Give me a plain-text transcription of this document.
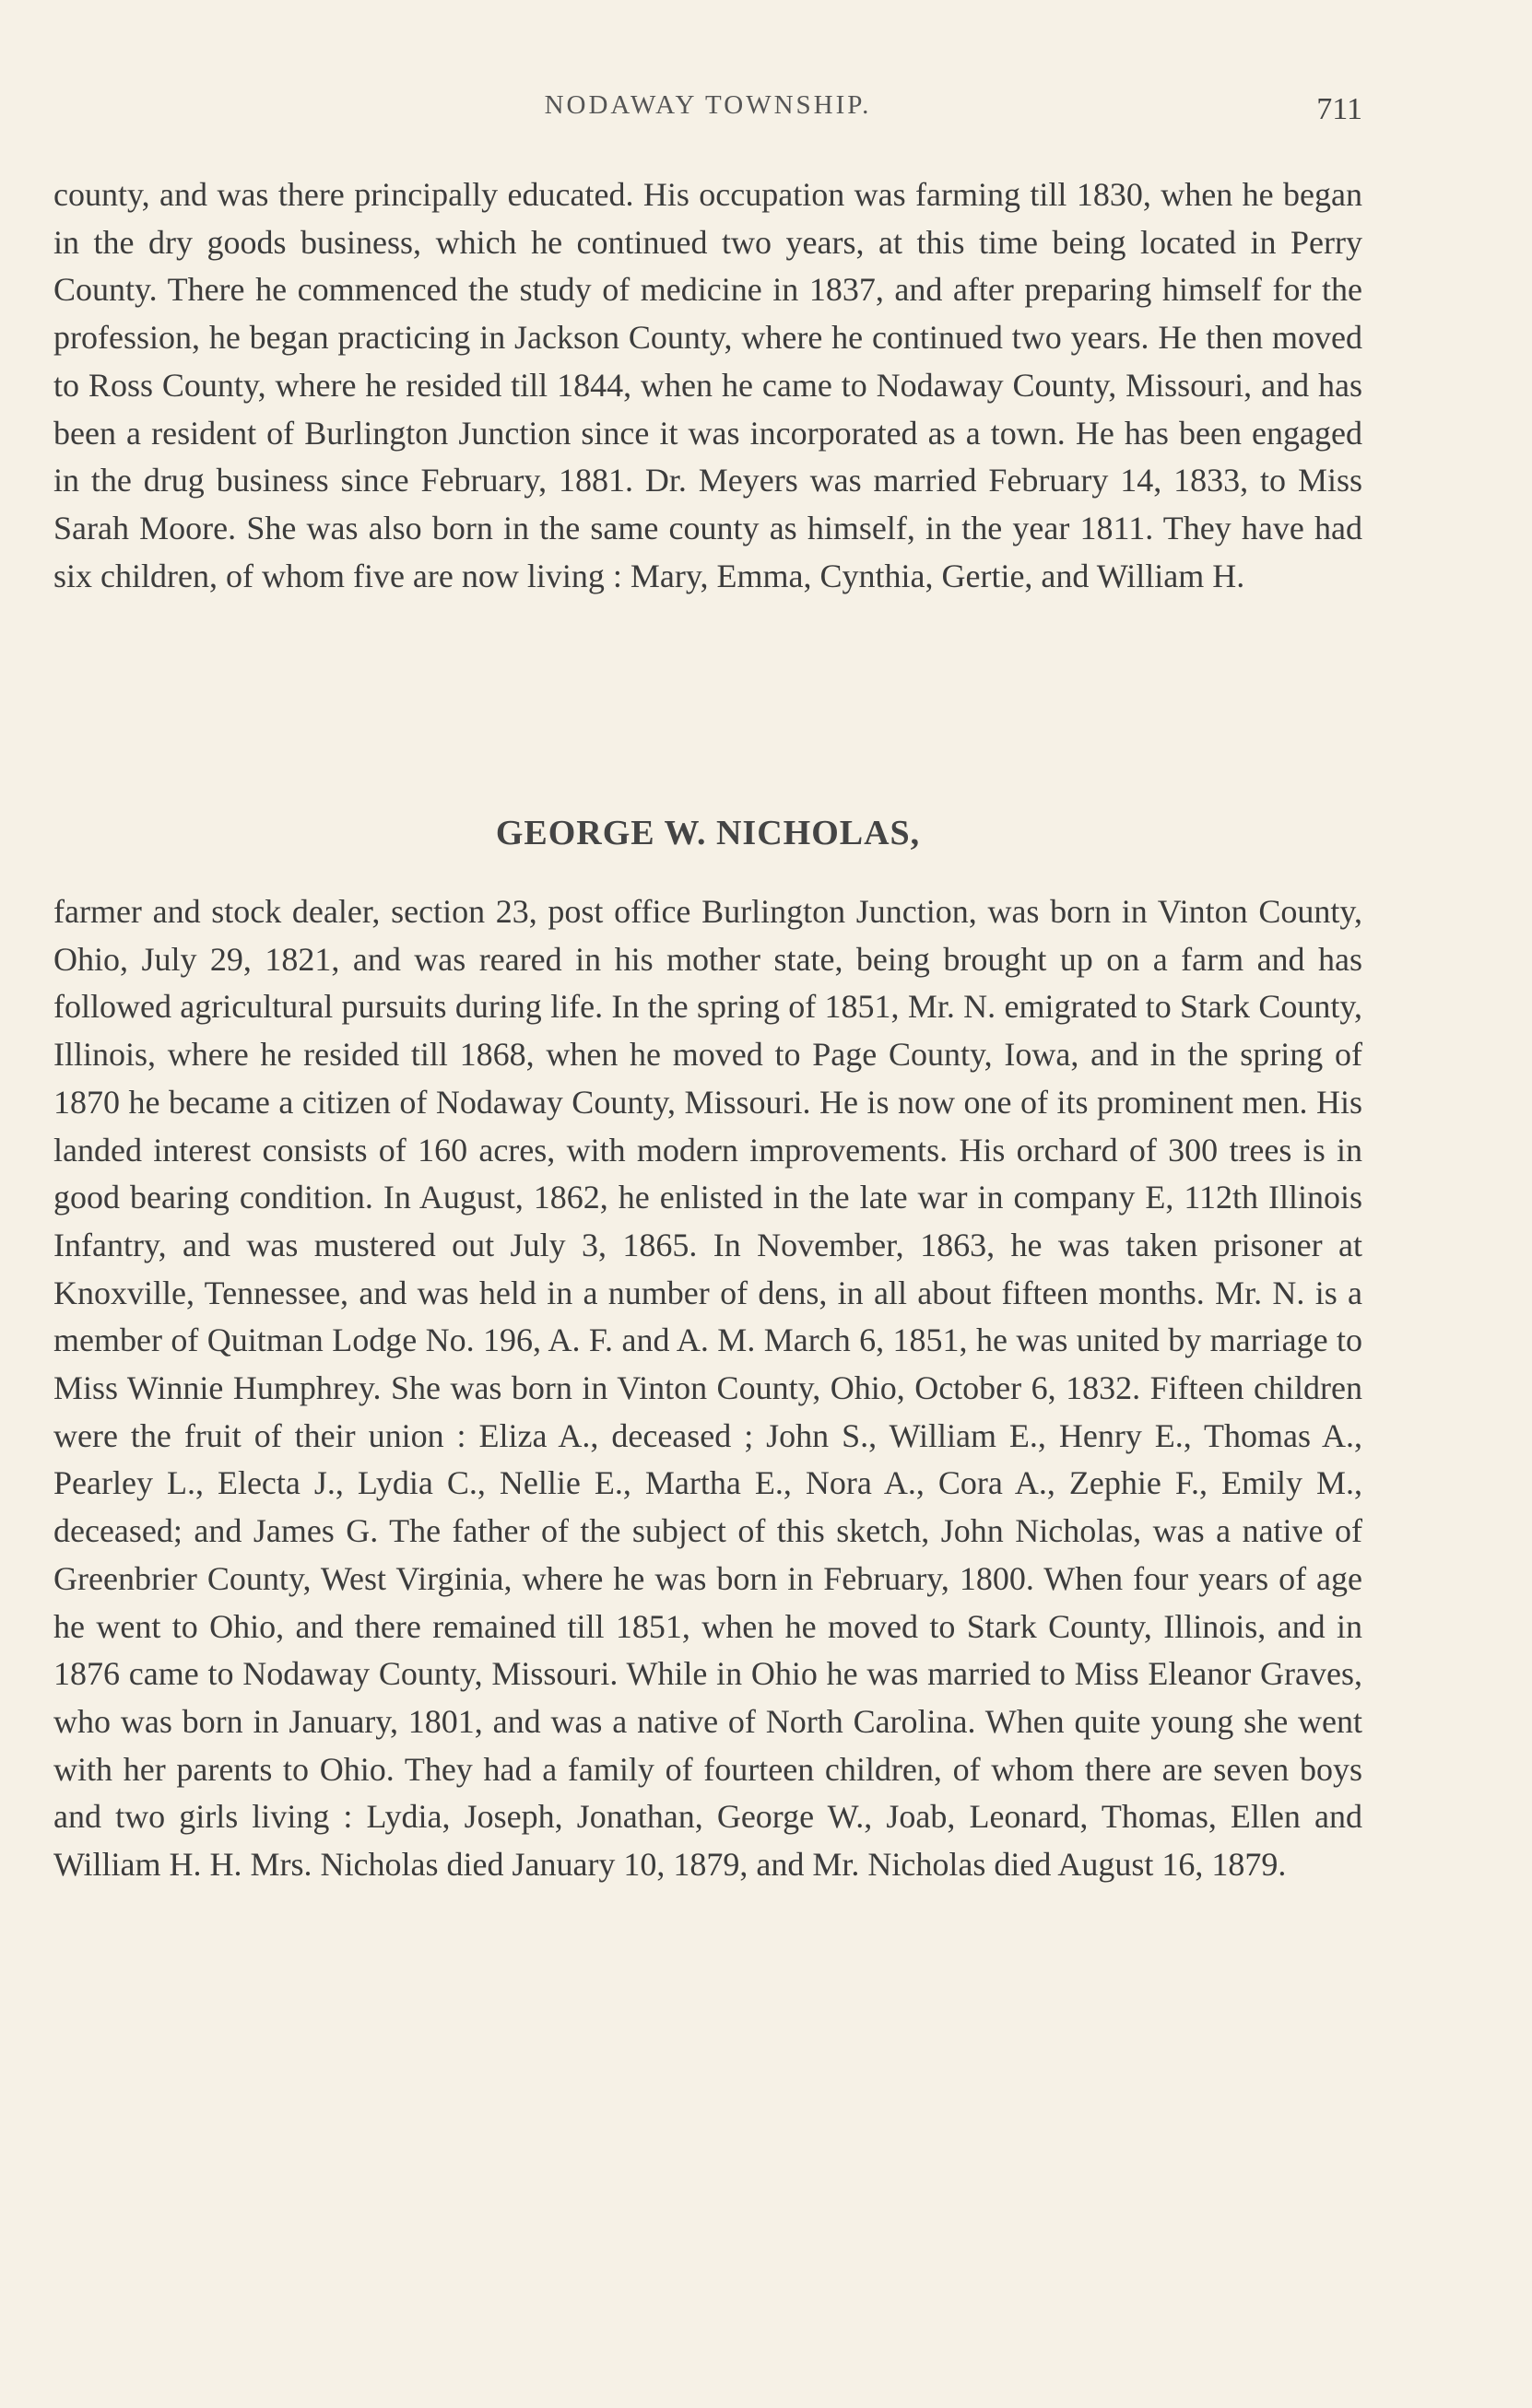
NODAWAY TOWNSHIP.	711

county, and was there principally educated. His occupation was farming till 1830, when he began in the dry goods business, which he continued two years, at this time being located in Perry County. There he commenced the study of medicine in 1837, and after preparing himself for the profession, he began practicing in Jackson County, where he continued two years. He then moved to Ross County, where he resided till 1844, when he came to Nodaway County, Missouri, and has been a resident of Burlington Junction since it was incorporated as a town. He has been engaged in the drug business since February, 1881. Dr. Meyers was married February 14, 1833, to Miss Sarah Moore. She was also born in the same county as himself, in the year 1811. They have had six children, of whom five are now living : Mary, Emma, Cynthia, Gertie, and William H.

GEORGE W. NICHOLAS,

farmer and stock dealer, section 23, post office Burlington Junction, was born in Vinton County, Ohio, July 29, 1821, and was reared in his mother state, being brought up on a farm and has followed agricultural pursuits during life. In the spring of 1851, Mr. N. emigrated to Stark County, Illinois, where he resided till 1868, when he moved to Page County, Iowa, and in the spring of 1870 he became a citizen of Nodaway County, Missouri. He is now one of its prominent men. His landed interest consists of 160 acres, with modern improvements. His orchard of 300 trees is in good bearing condition. In August, 1862, he enlisted in the late war in company E, 112th Illinois Infantry, and was mustered out July 3, 1865. In November, 1863, he was taken prisoner at Knoxville, Tennessee, and was held in a number of dens, in all about fifteen months. Mr. N. is a member of Quitman Lodge No. 196, A. F. and A. M. March 6, 1851, he was united by marriage to Miss Winnie Humphrey. She was born in Vinton County, Ohio, October 6, 1832. Fifteen children were the fruit of their union : Eliza A., deceased ; John S., William E., Henry E., Thomas A., Pearley L., Electa J., Lydia C., Nellie E., Martha E., Nora A., Cora A., Zephie F., Emily M., deceased; and James G. The father of the subject of this sketch, John Nicholas, was a native of Greenbrier County, West Virginia, where he was born in February, 1800. When four years of age he went to Ohio, and there remained till 1851, when he moved to Stark County, Illinois, and in 1876 came to Nodaway County, Missouri. While in Ohio he was married to Miss Eleanor Graves, who was born in January, 1801, and was a native of North Carolina. When quite young she went with her parents to Ohio. They had a family of fourteen children, of whom there are seven boys and two girls living : Lydia, Joseph, Jonathan, George W., Joab, Leonard, Thomas, Ellen and William H. H. Mrs. Nicholas died January 10, 1879, and Mr. Nicholas died August 16, 1879.
